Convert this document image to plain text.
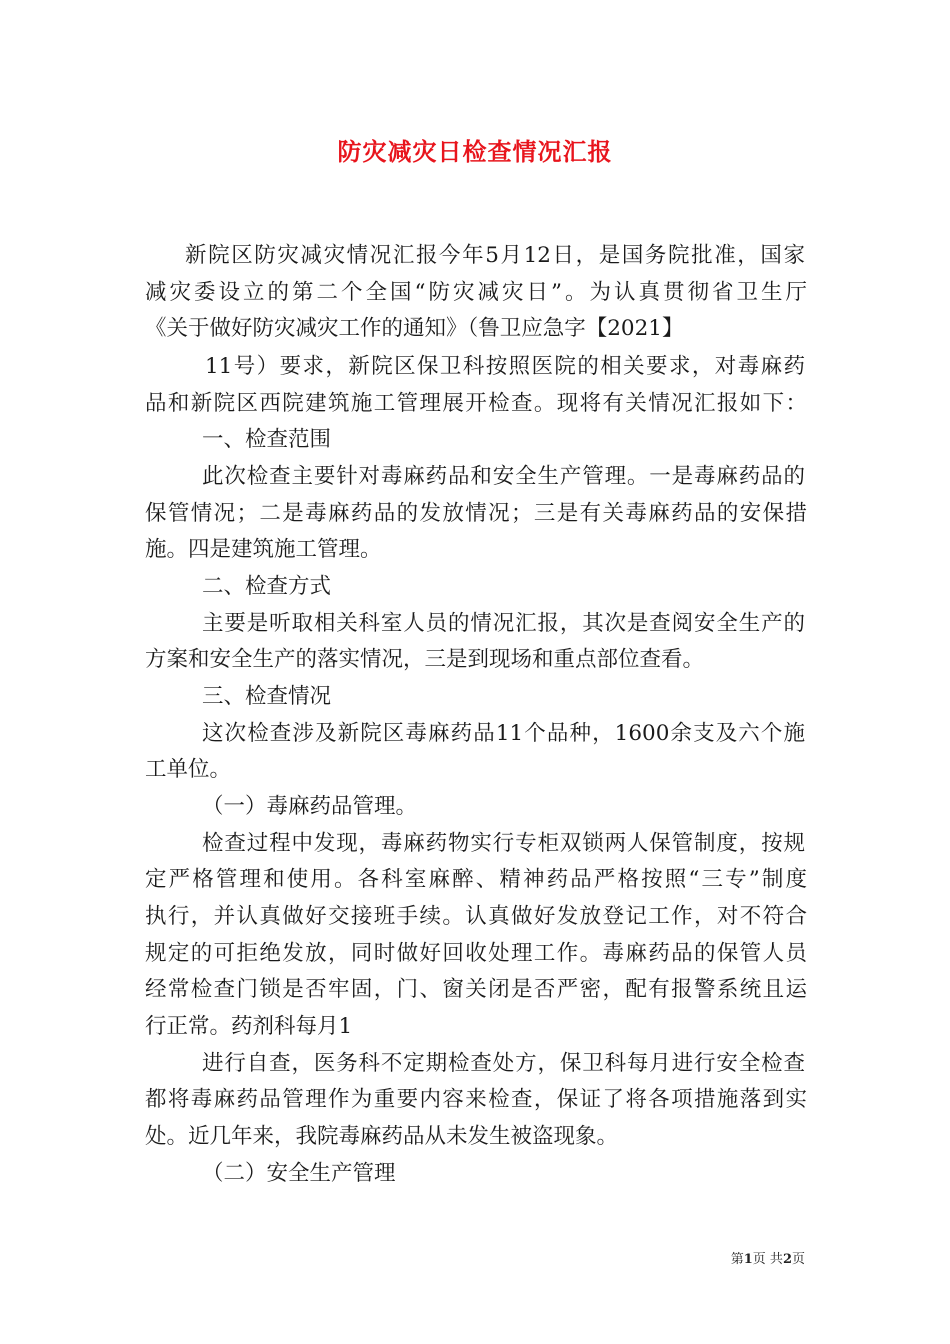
防灾减灾日检查情况汇报
新院区防灾减灾情况汇报今年5月12日，是国务院批准，国家
减灾委设立的第二个全国“防灾减灾日”。为认真贯彻省卫生厅
《关于做好防灾减灾工作的通知》（鲁卫应急字【2021】
11号）要求，新院区保卫科按照医院的相关要求，对毒麻药
品和新院区西院建筑施工管理展开检查。现将有关情况汇报如下：
一、检查范围
此次检查主要针对毒麻药品和安全生产管理。一是毒麻药品的
保管情况；二是毒麻药品的发放情况；三是有关毒麻药品的安保措
施。四是建筑施工管理。
二、检查方式
主要是听取相关科室人员的情况汇报，其次是查阅安全生产的
方案和安全生产的落实情况，三是到现场和重点部位查看。
三、检查情况
这次检查涉及新院区毒麻药品11个品种，1600余支及六个施
工单位。
（一）毒麻药品管理。
检查过程中发现，毒麻药物实行专柜双锁两人保管制度，按规
定严格管理和使用。各科室麻醉、精神药品严格按照“三专”制度
执行，并认真做好交接班手续。认真做好发放登记工作，对不符合
规定的可拒绝发放，同时做好回收处理工作。毒麻药品的保管人员
经常检查门锁是否牢固，门、窗关闭是否严密，配有报警系统且运
行正常。药剂科每月1
进行自查，医务科不定期检查处方，保卫科每月进行安全检查
都将毒麻药品管理作为重要内容来检查，保证了将各项措施落到实
处。近几年来，我院毒麻药品从未发生被盗现象。
（二）安全生产管理
第1页 共2页
